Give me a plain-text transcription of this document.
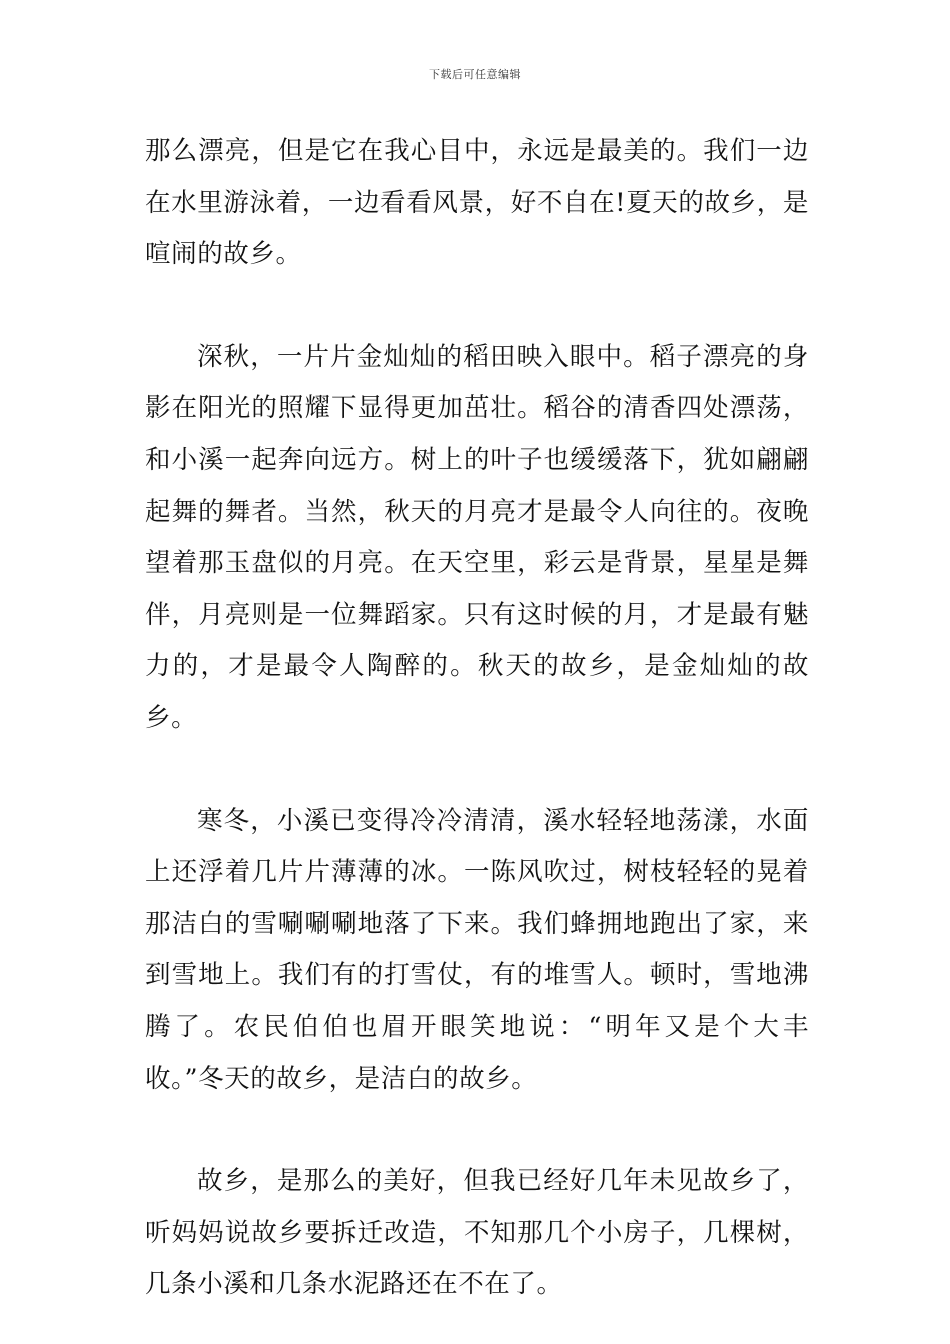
下载后可任意编辑

那么漂亮，但是它在我心目中，永远是最美的。我们一边在水里游泳着，一边看看风景，好不自在!夏天的故乡，是喧闹的故乡。

深秋，一片片金灿灿的稻田映入眼中。稻子漂亮的身影在阳光的照耀下显得更加茁壮。稻谷的清香四处漂荡，和小溪一起奔向远方。树上的叶子也缓缓落下，犹如翩翩起舞的舞者。当然，秋天的月亮才是最令人向往的。夜晚望着那玉盘似的月亮。在天空里，彩云是背景，星星是舞伴，月亮则是一位舞蹈家。只有这时候的月，才是最有魅力的，才是最令人陶醉的。秋天的故乡，是金灿灿的故乡。

寒冬，小溪已变得冷冷清清，溪水轻轻地荡漾，水面上还浮着几片片薄薄的冰。一陈风吹过，树枝轻轻的晃着那洁白的雪唰唰唰地落了下来。我们蜂拥地跑出了家，来到雪地上。我们有的打雪仗，有的堆雪人。顿时，雪地沸腾了。农民伯伯也眉开眼笑地说：“明年又是个大丰收。”冬天的故乡，是洁白的故乡。

故乡，是那么的美好，但我已经好几年未见故乡了，听妈妈说故乡要拆迁改造，不知那几个小房子，几棵树，几条小溪和几条水泥路还在不在了。
